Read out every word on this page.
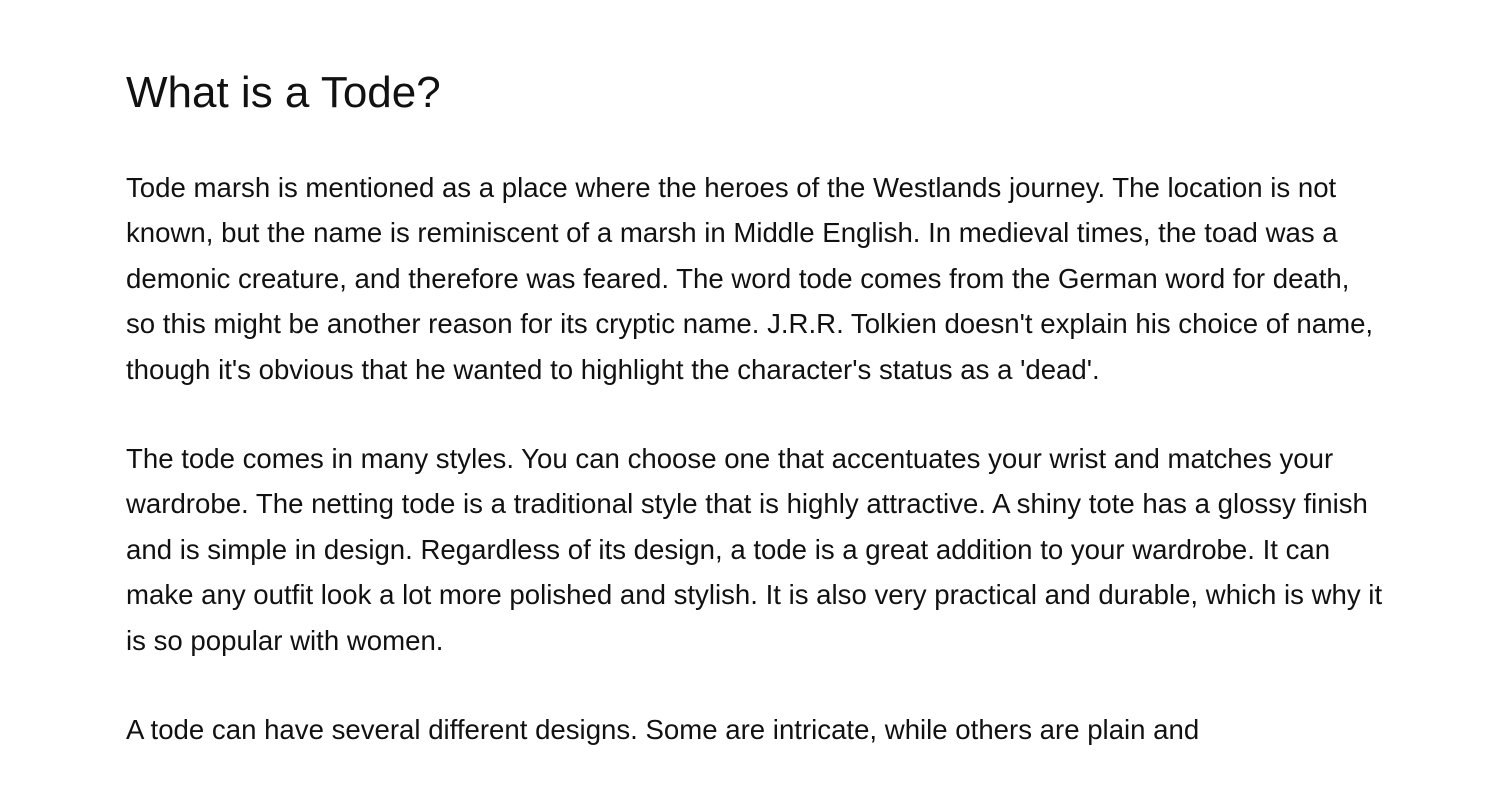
What is a Tode?

Tode marsh is mentioned as a place where the heroes of the Westlands journey. The location is not known, but the name is reminiscent of a marsh in Middle English. In medieval times, the toad was a demonic creature, and therefore was feared. The word tode comes from the German word for death, so this might be another reason for its cryptic name. J.R.R. Tolkien doesn't explain his choice of name, though it's obvious that he wanted to highlight the character's status as a 'dead'.

The tode comes in many styles. You can choose one that accentuates your wrist and matches your wardrobe. The netting tode is a traditional style that is highly attractive. A shiny tote has a glossy finish and is simple in design. Regardless of its design, a tode is a great addition to your wardrobe. It can make any outfit look a lot more polished and stylish. It is also very practical and durable, which is why it is so popular with women.

A tode can have several different designs. Some are intricate, while others are plain and
